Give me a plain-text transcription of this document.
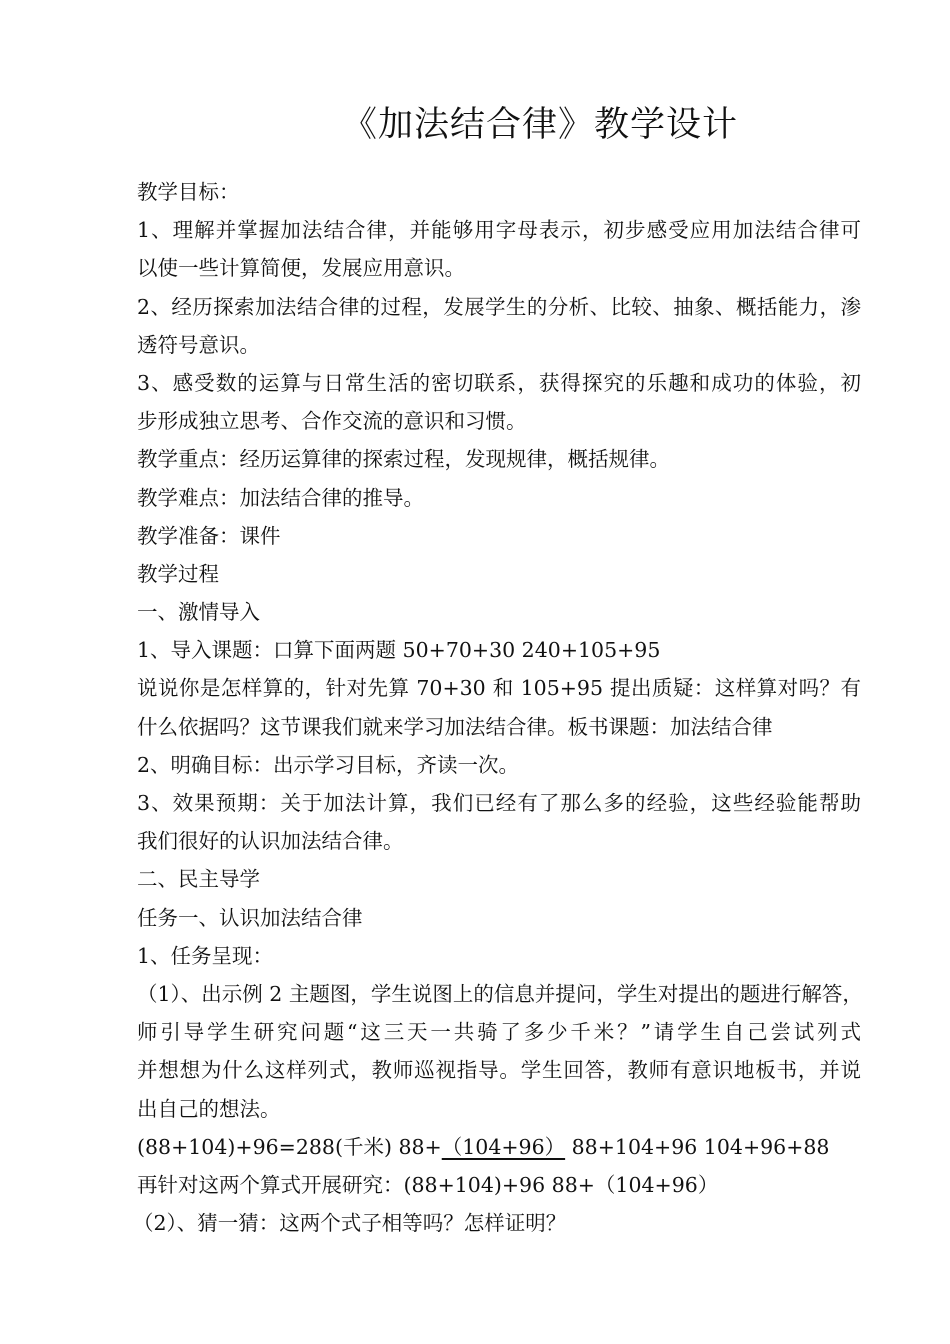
《加法结合律》教学设计
教学目标：
1、理解并掌握加法结合律，并能够用字母表示，初步感受应用加法结合律可
以使一些计算简便，发展应用意识。
2、经历探索加法结合律的过程，发展学生的分析、比较、抽象、概括能力，渗
透符号意识。
3、感受数的运算与日常生活的密切联系，获得探究的乐趣和成功的体验，初
步形成独立思考、合作交流的意识和习惯。
教学重点：经历运算律的探索过程，发现规律，概括规律。
教学难点：加法结合律的推导。
教学准备：课件
教学过程
一、激情导入
1、导入课题：口算下面两题 50+70+30 240+105+95
说说你是怎样算的，针对先算 70+30 和 105+95 提出质疑：这样算对吗？有
什么依据吗？这节课我们就来学习加法结合律。板书课题：加法结合律
2、明确目标：出示学习目标，齐读一次。
3、效果预期：关于加法计算，我们已经有了那么多的经验，这些经验能帮助
我们很好的认识加法结合律。
二、民主导学
任务一、认识加法结合律
1、任务呈现：
（1）、出示例 2 主题图，学生说图上的信息并提问，学生对提出的题进行解答，
师引导学生研究问题“这三天一共骑了多少千米？”请学生自己尝试列式
并想想为什么这样列式，教师巡视指导。学生回答，教师有意识地板书，并说
出自己的想法。
(88+104)+96=288(千米) 88+（104+96） 88+104+96 104+96+88
再针对这两个算式开展研究：(88+104)+96 88+（104+96）
（2）、猜一猜：这两个式子相等吗？怎样证明？
